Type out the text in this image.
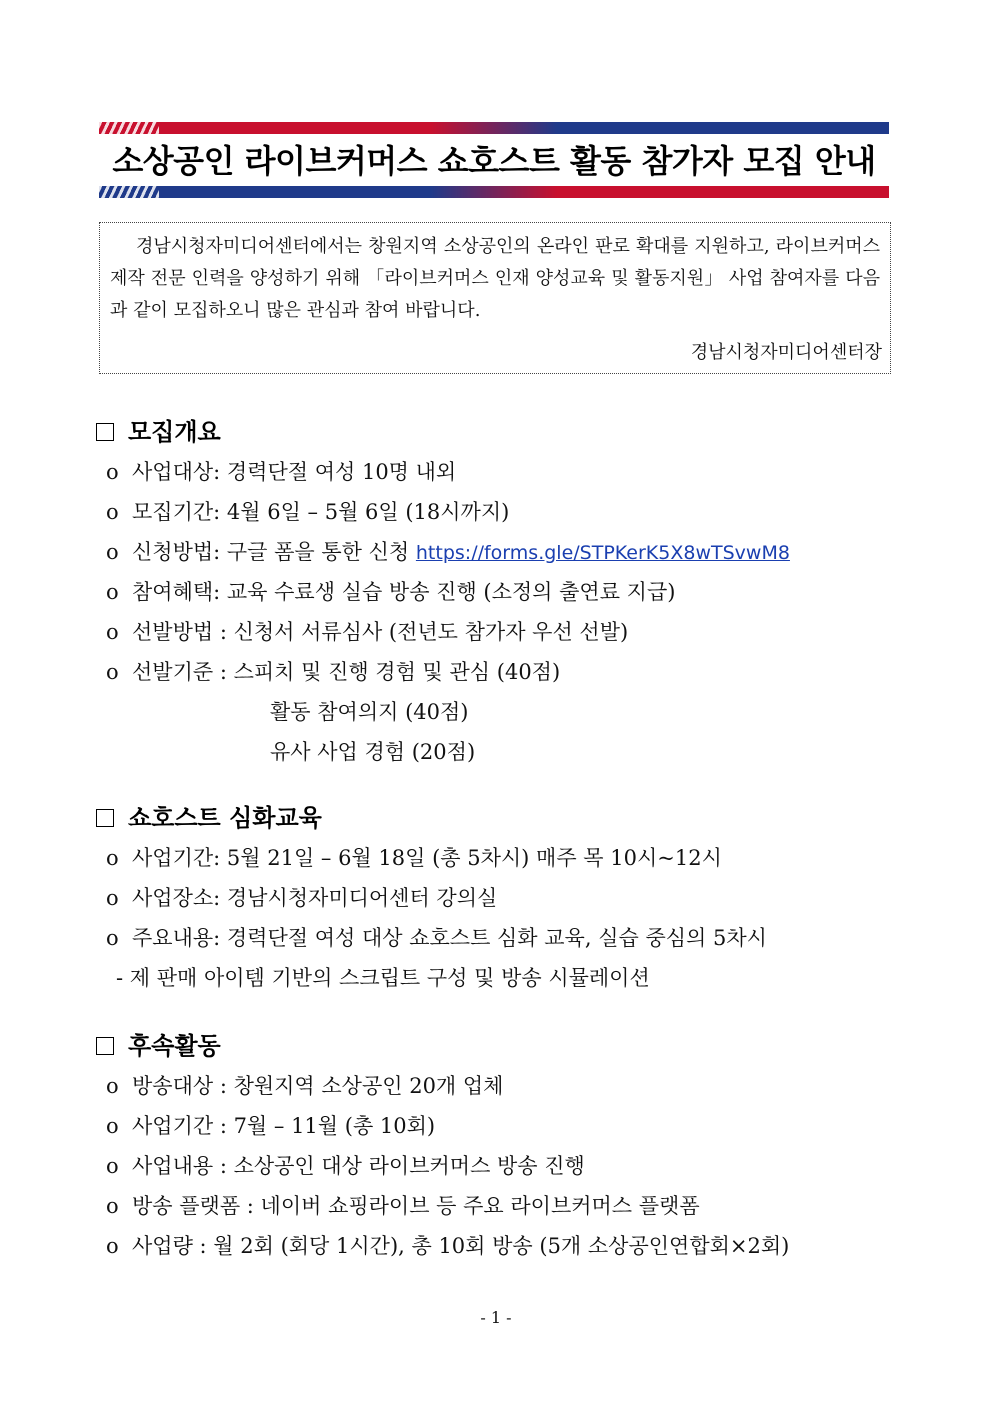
소상공인 라이브커머스 쇼호스트 활동 참가자 모집 안내

경남시청자미디어센터에서는 창원지역 소상공인의 온라인 판로 확대를 지원하고, 라이브커머스 제작 전문 인력을 양성하기 위해 「라이브커머스 인재 양성교육 및 활동지원」 사업 참여자를 다음과 같이 모집하오니 많은 관심과 참여 바랍니다.

경남시청자미디어센터장
모집개요
o 사업대상: 경력단절 여성 10명 내외
o 모집기간: 4월 6일 – 5월 6일 (18시까지)
o 신청방법: 구글 폼을 통한 신청 https://forms.gle/STPKerK5X8wTSvwM8
o 참여혜택: 교육 수료생 실습 방송 진행 (소정의 출연료 지급)
o 선발방법 : 신청서 서류심사 (전년도 참가자 우선 선발)
o 선발기준 : 스피치 및 진행 경험 및 관심 (40점)
활동 참여의지 (40점)
유사 사업 경험 (20점)
쇼호스트 심화교육
o 사업기간: 5월 21일 – 6월 18일 (총 5차시) 매주 목 10시~12시
o 사업장소: 경남시청자미디어센터 강의실
o 주요내용: 경력단절 여성 대상 쇼호스트 심화 교육, 실습 중심의 5차시
- 제 판매 아이템 기반의 스크립트 구성 및 방송 시뮬레이션
후속활동
o 방송대상 : 창원지역 소상공인 20개 업체
o 사업기간 : 7월 – 11월 (총 10회)
o 사업내용 : 소상공인 대상 라이브커머스 방송 진행
o 방송 플랫폼 : 네이버 쇼핑라이브 등 주요 라이브커머스 플랫폼
o 사업량 : 월 2회 (회당 1시간), 총 10회 방송 (5개 소상공인연합회×2회)
- 1 -
